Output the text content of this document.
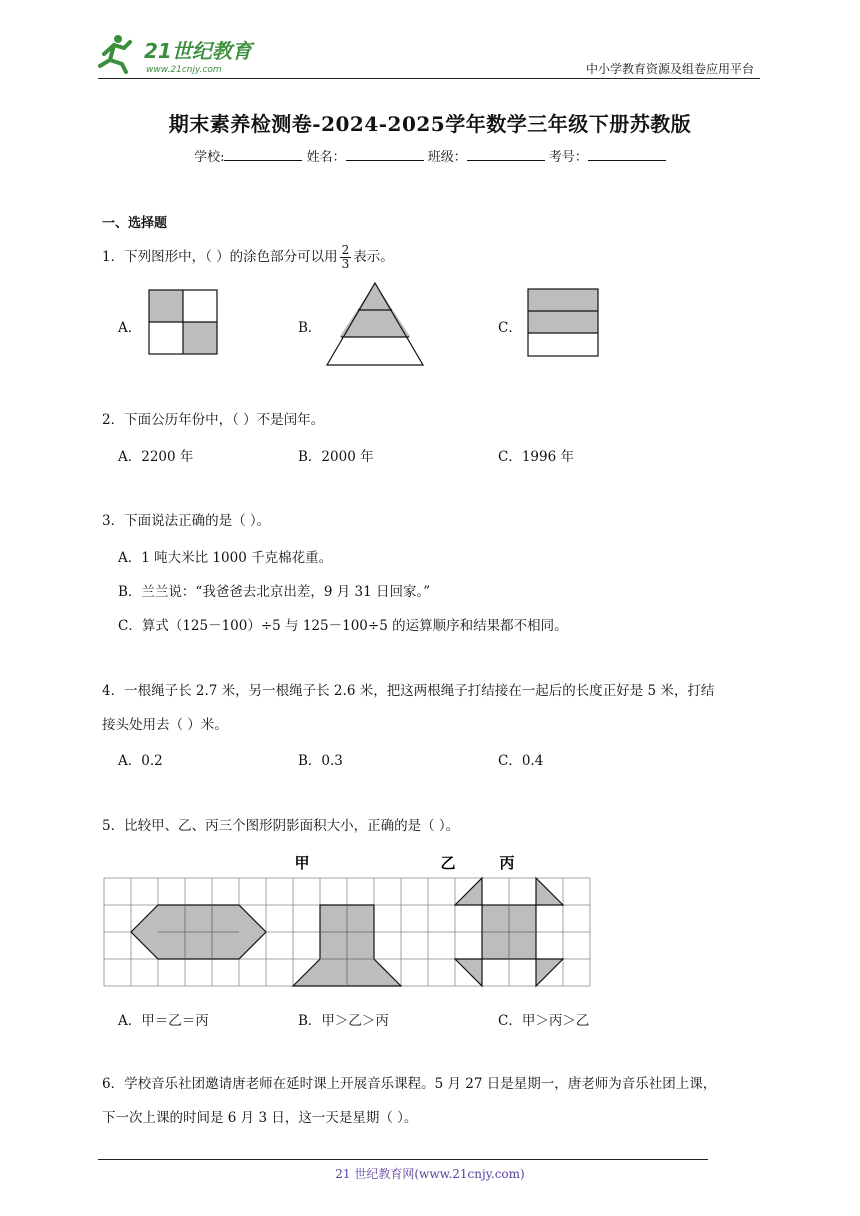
21世纪教育
www.21cnjy.com	中小学教育资源及组卷应用平台
期末素养检测卷-2024-2025学年数学三年级下册苏教版
学校:	姓名：	班级：	考号：
一、选择题
1．下列图形中，（ ）的涂色部分可以用 $\frac{2}{3}$ 表示。
A．	B．	C．
2．下面公历年份中，（ ）不是闰年。
A．2200 年	B．2000 年	C．1996 年
3．下面说法正确的是（ ）。
A．1 吨大米比 1000 千克棉花重。
B．兰兰说：“我爸爸去北京出差，9 月 31 日回家。”
C．算式（125－100）÷5 与 125－100÷5 的运算顺序和结果都不相同。
4．一根绳子长 2.7 米，另一根绳子长 2.6 米，把这两根绳子打结接在一起后的长度正好是 5 米，打结
接头处用去（ ）米。
A．0.2	B．0.3	C．0.4
5．比较甲、乙、丙三个图形阴影面积大小，正确的是（ ）。
甲	乙	丙
A．甲＝乙＝丙	B．甲＞乙＞丙	C．甲＞丙＞乙
6．学校音乐社团邀请唐老师在延时课上开展音乐课程。5 月 27 日是星期一，唐老师为音乐社团上课，
下一次上课的时间是 6 月 3 日，这一天是星期（ ）。
21 世纪教育网(www.21cnjy.com)
